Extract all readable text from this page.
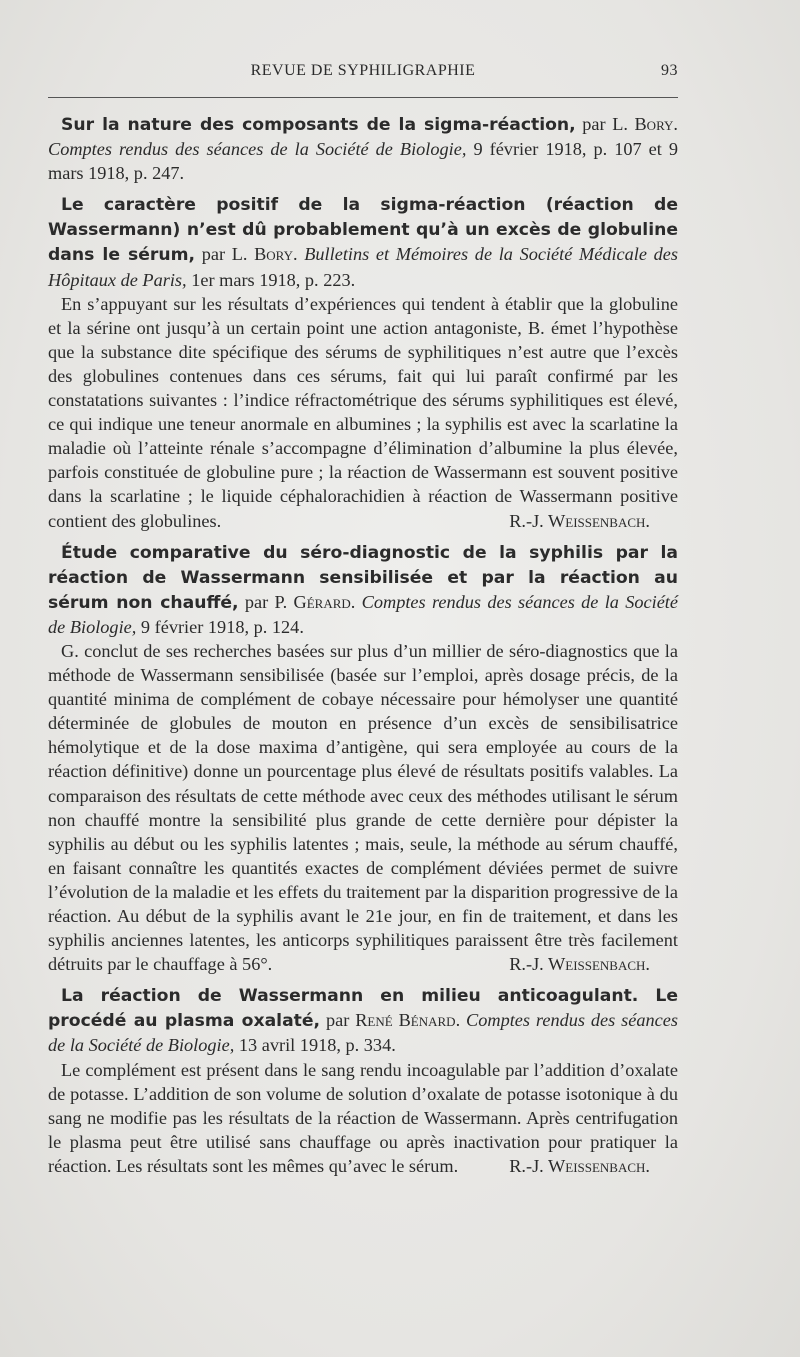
REVUE DE SYPHILIGRAPHIE	93

Sur la nature des composants de la sigma-réaction, par L. Bory. Comptes rendus des séances de la Société de Biologie, 9 février 1918, p. 107 et 9 mars 1918, p. 247.

Le caractère positif de la sigma-réaction (réaction de Wassermann) n’est dû probablement qu’à un excès de globuline dans le sérum, par L. Bory. Bulletins et Mémoires de la Société Médicale des Hôpitaux de Paris, 1er mars 1918, p. 223.

En s’appuyant sur les résultats d’expériences qui tendent à établir que la globuline et la sérine ont jusqu’à un certain point une action antagoniste, B. émet l’hypothèse que la substance dite spécifique des sérums de syphilitiques n’est autre que l’excès des globulines contenues dans ces sérums, fait qui lui paraît confirmé par les constatations suivantes : l’indice réfractométrique des sérums syphilitiques est élevé, ce qui indique une teneur anormale en albumines ; la syphilis est avec la scarlatine la maladie où l’atteinte rénale s’accompagne d’élimination d’albumine la plus élevée, parfois constituée de globuline pure ; la réaction de Wassermann est souvent positive dans la scarlatine ; le liquide céphalorachidien à réaction de Wassermann positive contient des globulines.	R.-J. Weissenbach.

Étude comparative du séro-diagnostic de la syphilis par la réaction de Wassermann sensibilisée et par la réaction au sérum non chauffé, par P. Gérard. Comptes rendus des séances de la Société de Biologie, 9 février 1918, p. 124.

G. conclut de ses recherches basées sur plus d’un millier de séro-diagnostics que la méthode de Wassermann sensibilisée (basée sur l’emploi, après dosage précis, de la quantité minima de complément de cobaye nécessaire pour hémolyser une quantité déterminée de globules de mouton en présence d’un excès de sensibilisatrice hémolytique et de la dose maxima d’antigène, qui sera employée au cours de la réaction définitive) donne un pourcentage plus élevé de résultats positifs valables. La comparaison des résultats de cette méthode avec ceux des méthodes utilisant le sérum non chauffé montre la sensibilité plus grande de cette dernière pour dépister la syphilis au début ou les syphilis latentes ; mais, seule, la méthode au sérum chauffé, en faisant connaître les quantités exactes de complément déviées permet de suivre l’évolution de la maladie et les effets du traitement par la disparition progressive de la réaction. Au début de la syphilis avant le 21e jour, en fin de traitement, et dans les syphilis anciennes latentes, les anticorps syphilitiques paraissent être très facilement détruits par le chauffage à 56°.	R.-J. Weissenbach.

La réaction de Wassermann en milieu anticoagulant. Le procédé au plasma oxalaté, par René Bénard. Comptes rendus des séances de la Société de Biologie, 13 avril 1918, p. 334.

Le complément est présent dans le sang rendu incoagulable par l’addition d’oxalate de potasse. L’addition de son volume de solution d’oxalate de potasse isotonique à du sang ne modifie pas les résultats de la réaction de Wassermann. Après centrifugation le plasma peut être utilisé sans chauffage ou après inactivation pour pratiquer la réaction. Les résultats sont les mêmes qu’avec le sérum.	R.-J. Weissenbach.
